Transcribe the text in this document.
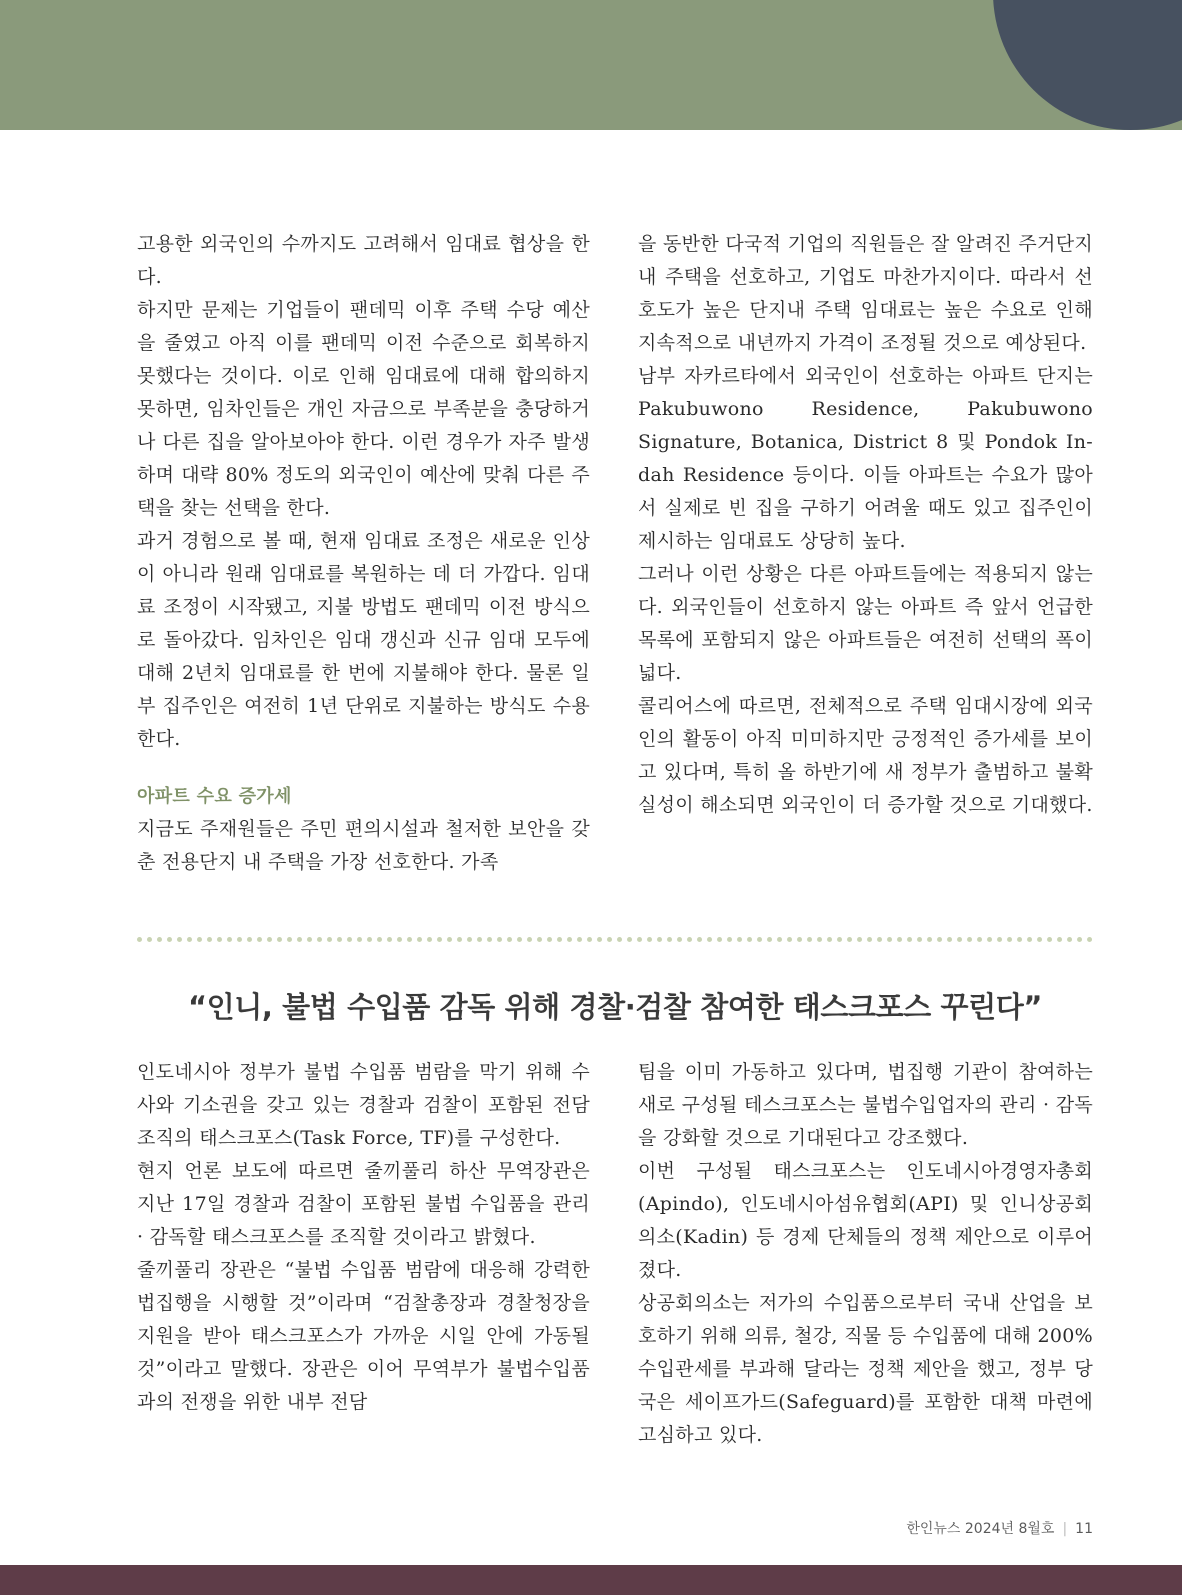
고용한 외국인의 수까지도 고려해서 임대료 협상을 한다.

하지만 문제는 기업들이 팬데믹 이후 주택 수당 예산을 줄였고 아직 이를 팬데믹 이전 수준으로 회복하지 못했다는 것이다. 이로 인해 임대료에 대해 합의하지 못하면, 임차인들은 개인 자금으로 부족분을 충당하거나 다른 집을 알아보아야 한다. 이런 경우가 자주 발생하며 대략 80% 정도의 외국인이 예산에 맞춰 다른 주택을 찾는 선택을 한다.

과거 경험으로 볼 때, 현재 임대료 조정은 새로운 인상이 아니라 원래 임대료를 복원하는 데 더 가깝다. 임대료 조정이 시작됐고, 지불 방법도 팬데믹 이전 방식으로 돌아갔다. 임차인은 임대 갱신과 신규 임대 모두에 대해 2년치 임대료를 한 번에 지불해야 한다. 물론 일부 집주인은 여전히 1년 단위로 지불하는 방식도 수용한다.

아파트 수요 증가세

지금도 주재원들은 주민 편의시설과 철저한 보안을 갖춘 전용단지 내 주택을 가장 선호한다. 가족

을 동반한 다국적 기업의 직원들은 잘 알려진 주거단지 내 주택을 선호하고, 기업도 마찬가지이다. 따라서 선호도가 높은 단지내 주택 임대료는 높은 수요로 인해 지속적으로 내년까지 가격이 조정될 것으로 예상된다.

남부 자카르타에서 외국인이 선호하는 아파트 단지는 Pakubuwono Residence, Pakubuwono Signature, Botanica, District 8 및 Pondok In-dah Residence 등이다. 이들 아파트는 수요가 많아서 실제로 빈 집을 구하기 어려울 때도 있고 집주인이 제시하는 임대료도 상당히 높다.

그러나 이런 상황은 다른 아파트들에는 적용되지 않는다. 외국인들이 선호하지 않는 아파트 즉 앞서 언급한 목록에 포함되지 않은 아파트들은 여전히 선택의 폭이 넓다.

콜리어스에 따르면, 전체적으로 주택 임대시장에 외국인의 활동이 아직 미미하지만 긍정적인 증가세를 보이고 있다며, 특히 올 하반기에 새 정부가 출범하고 불확실성이 해소되면 외국인이 더 증가할 것으로 기대했다.

“인니, 불법 수입품 감독 위해 경찰·검찰 참여한 태스크포스 꾸린다”

인도네시아 정부가 불법 수입품 범람을 막기 위해 수사와 기소권을 갖고 있는 경찰과 검찰이 포함된 전담 조직의 태스크포스(Task Force, TF)를 구성한다.

현지 언론 보도에 따르면 줄끼풀리 하산 무역장관은 지난 17일 경찰과 검찰이 포함된 불법 수입품을 관리 · 감독할 태스크포스를 조직할 것이라고 밝혔다.

줄끼풀리 장관은 “불법 수입품 범람에 대응해 강력한 법집행을 시행할 것”이라며 “검찰총장과 경찰청장을 지원을 받아 태스크포스가 가까운 시일 안에 가동될 것”이라고 말했다. 장관은 이어 무역부가 불법수입품과의 전쟁을 위한 내부 전담

팀을 이미 가동하고 있다며, 법집행 기관이 참여하는 새로 구성될 테스크포스는 불법수입업자의 관리 · 감독을 강화할 것으로 기대된다고 강조했다.

이번 구성될 태스크포스는 인도네시아경영자총회(Apindo), 인도네시아섬유협회(API) 및 인니상공회의소(Kadin) 등 경제 단체들의 정책 제안으로 이루어졌다.

상공회의소는 저가의 수입품으로부터 국내 산업을 보호하기 위해 의류, 철강, 직물 등 수입품에 대해 200% 수입관세를 부과해 달라는 정책 제안을 했고, 정부 당국은 세이프가드(Safeguard)를 포함한 대책 마련에 고심하고 있다.

한인뉴스 2024년 8월호 | 11
